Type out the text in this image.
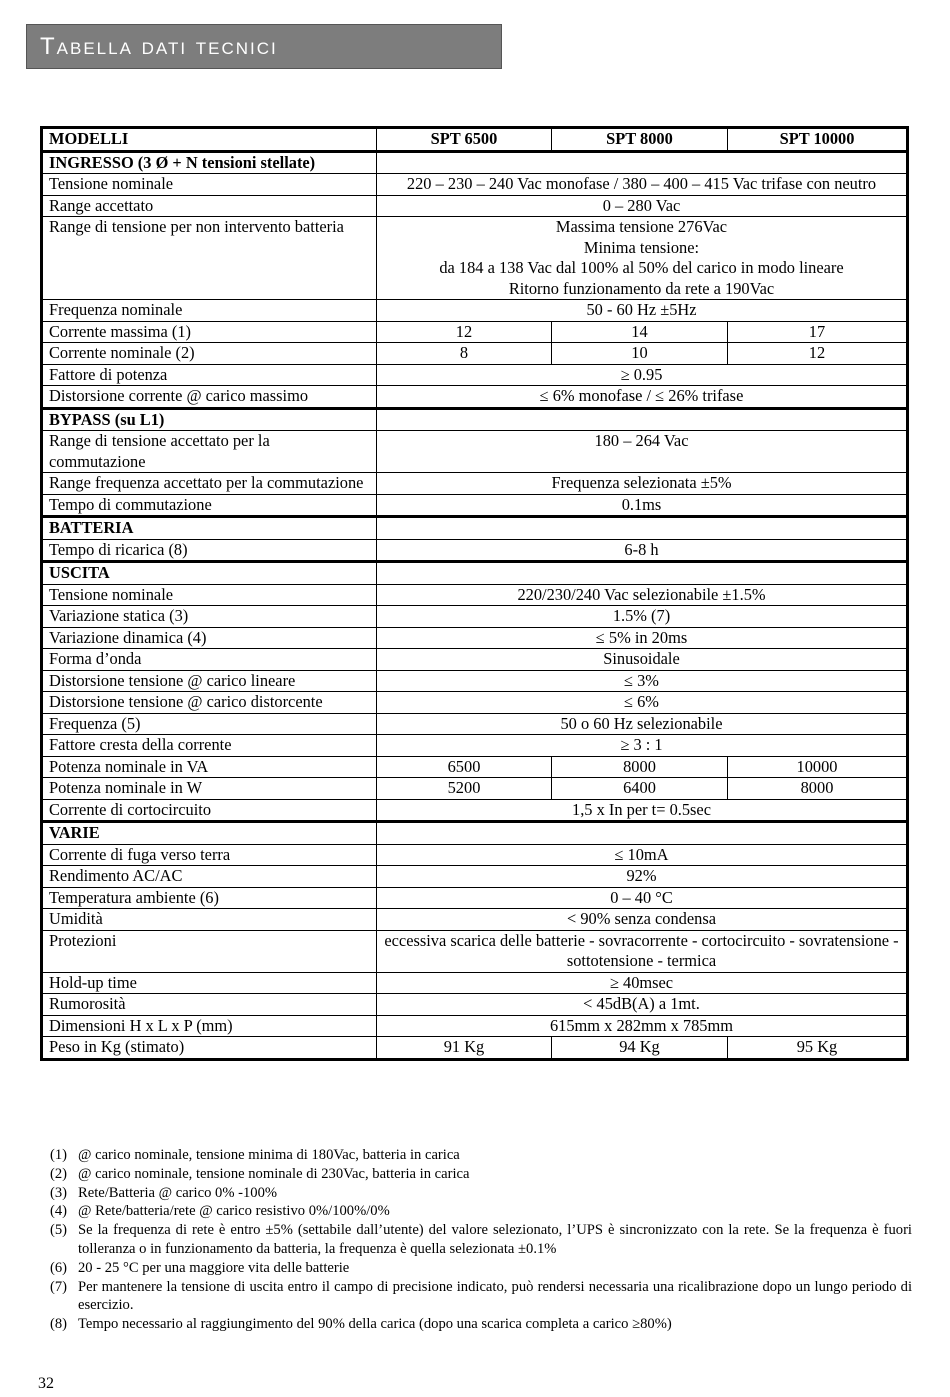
Tabella dati tecnici
MODELLI	SPT 6500	SPT 8000	SPT 10000
INGRESSO (3 Ø + N tensioni stellate)			
Tensione nominale	220 – 230 – 240 Vac monofase / 380 – 400 – 415 Vac trifase con neutro		
Range accettato	0 – 280 Vac		
Range di tensione per non intervento batteria	Massima tensione 276Vac
Minima tensione:
da 184 a 138 Vac dal 100% al 50% del carico in modo lineare
Ritorno funzionamento da rete a 190Vac		

Frequenza nominale	50 - 60 Hz ±5Hz		
Corrente massima (1)	12	14	17
Corrente nominale (2)	8	10	12
Fattore di potenza	≥ 0.95		
Distorsione corrente @ carico massimo	≤ 6% monofase / ≤ 26% trifase		
BYPASS (su L1)			
Range di tensione accettato per la commutazione	180 – 264 Vac		
Range frequenza accettato per la commutazione	Frequenza selezionata ±5%		
Tempo di commutazione	0.1ms		
BATTERIA			
Tempo di ricarica (8)	6-8 h		
USCITA			
Tensione nominale	220/230/240 Vac selezionabile ±1.5%		
Variazione statica (3)	1.5% (7)		
Variazione dinamica (4)	≤ 5% in 20ms		
Forma d’onda	Sinusoidale		
Distorsione tensione @ carico lineare	≤ 3%		
Distorsione tensione @ carico distorcente	≤ 6%		
Frequenza (5)	50 o 60 Hz selezionabile		
Fattore cresta della corrente	≥ 3 : 1		
Potenza nominale in VA	6500	8000	10000
Potenza nominale in W	5200	6400	8000
Corrente di cortocircuito	1,5 x In per t= 0.5sec		
VARIE			
Corrente di fuga verso terra	≤ 10mA		
Rendimento AC/AC	92%		
Temperatura ambiente (6)	0 – 40 °C		
Umidità	< 90% senza condensa		
Protezioni	eccessiva scarica delle batterie - sovracorrente - cortocircuito - sovratensione - sottotensione - termica		
Hold-up time	≥ 40msec		
Rumorosità	< 45dB(A) a 1mt.		
Dimensioni H x L x P (mm)	615mm x 282mm x 785mm		
Peso in Kg (stimato)	91 Kg	94 Kg	95 Kg
(1) @ carico nominale, tensione minima di 180Vac, batteria in carica
(2) @ carico nominale, tensione nominale di 230Vac, batteria in carica
(3) Rete/Batteria @ carico 0% -100%
(4) @ Rete/batteria/rete @ carico resistivo 0%/100%/0%
(5) Se la frequenza di rete è entro ±5% (settabile dall’utente) del valore selezionato, l’UPS è sincronizzato con la rete. Se la frequenza è fuori tolleranza o in funzionamento da batteria, la frequenza è quella selezionata ±0.1%
(6) 20 - 25 °C per una maggiore vita delle batterie
(7) Per mantenere la tensione di uscita entro il campo di precisione indicato, può rendersi necessaria una ricalibrazione dopo un lungo periodo di esercizio.
(8) Tempo necessario al raggiungimento del 90% della carica (dopo una scarica completa a carico ≥80%)
32
